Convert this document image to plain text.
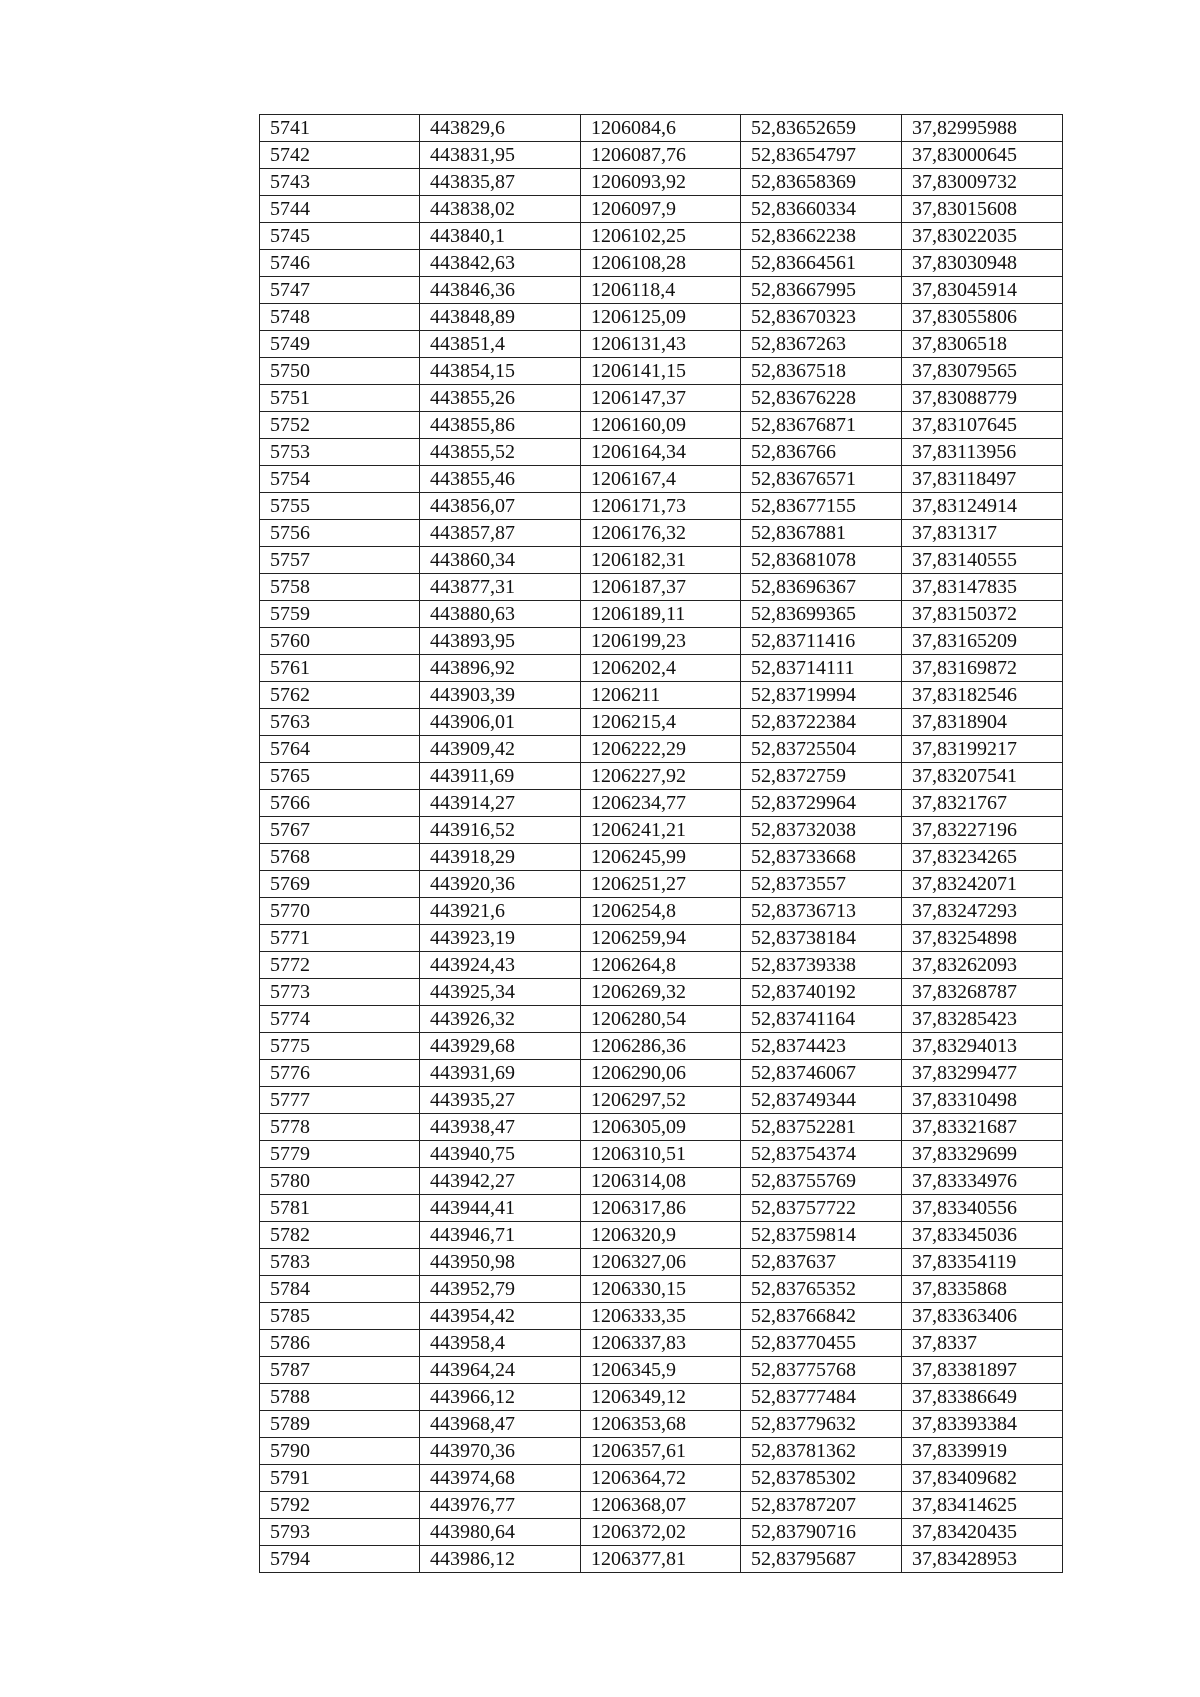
5741	443829,6	1206084,6	52,83652659	37,82995988
5742	443831,95	1206087,76	52,83654797	37,83000645
5743	443835,87	1206093,92	52,83658369	37,83009732
5744	443838,02	1206097,9	52,83660334	37,83015608
5745	443840,1	1206102,25	52,83662238	37,83022035
5746	443842,63	1206108,28	52,83664561	37,83030948
5747	443846,36	1206118,4	52,83667995	37,83045914
5748	443848,89	1206125,09	52,83670323	37,83055806
5749	443851,4	1206131,43	52,8367263	37,8306518
5750	443854,15	1206141,15	52,8367518	37,83079565
5751	443855,26	1206147,37	52,83676228	37,83088779
5752	443855,86	1206160,09	52,83676871	37,83107645
5753	443855,52	1206164,34	52,836766	37,83113956
5754	443855,46	1206167,4	52,83676571	37,83118497
5755	443856,07	1206171,73	52,83677155	37,83124914
5756	443857,87	1206176,32	52,8367881	37,831317
5757	443860,34	1206182,31	52,83681078	37,83140555
5758	443877,31	1206187,37	52,83696367	37,83147835
5759	443880,63	1206189,11	52,83699365	37,83150372
5760	443893,95	1206199,23	52,83711416	37,83165209
5761	443896,92	1206202,4	52,83714111	37,83169872
5762	443903,39	1206211	52,83719994	37,83182546
5763	443906,01	1206215,4	52,83722384	37,8318904
5764	443909,42	1206222,29	52,83725504	37,83199217
5765	443911,69	1206227,92	52,8372759	37,83207541
5766	443914,27	1206234,77	52,83729964	37,8321767
5767	443916,52	1206241,21	52,83732038	37,83227196
5768	443918,29	1206245,99	52,83733668	37,83234265
5769	443920,36	1206251,27	52,8373557	37,83242071
5770	443921,6	1206254,8	52,83736713	37,83247293
5771	443923,19	1206259,94	52,83738184	37,83254898
5772	443924,43	1206264,8	52,83739338	37,83262093
5773	443925,34	1206269,32	52,83740192	37,83268787
5774	443926,32	1206280,54	52,83741164	37,83285423
5775	443929,68	1206286,36	52,8374423	37,83294013
5776	443931,69	1206290,06	52,83746067	37,83299477
5777	443935,27	1206297,52	52,83749344	37,83310498
5778	443938,47	1206305,09	52,83752281	37,83321687
5779	443940,75	1206310,51	52,83754374	37,83329699
5780	443942,27	1206314,08	52,83755769	37,83334976
5781	443944,41	1206317,86	52,83757722	37,83340556
5782	443946,71	1206320,9	52,83759814	37,83345036
5783	443950,98	1206327,06	52,837637	37,83354119
5784	443952,79	1206330,15	52,83765352	37,8335868
5785	443954,42	1206333,35	52,83766842	37,83363406
5786	443958,4	1206337,83	52,83770455	37,8337
5787	443964,24	1206345,9	52,83775768	37,83381897
5788	443966,12	1206349,12	52,83777484	37,83386649
5789	443968,47	1206353,68	52,83779632	37,83393384
5790	443970,36	1206357,61	52,83781362	37,8339919
5791	443974,68	1206364,72	52,83785302	37,83409682
5792	443976,77	1206368,07	52,83787207	37,83414625
5793	443980,64	1206372,02	52,83790716	37,83420435
5794	443986,12	1206377,81	52,83795687	37,83428953
